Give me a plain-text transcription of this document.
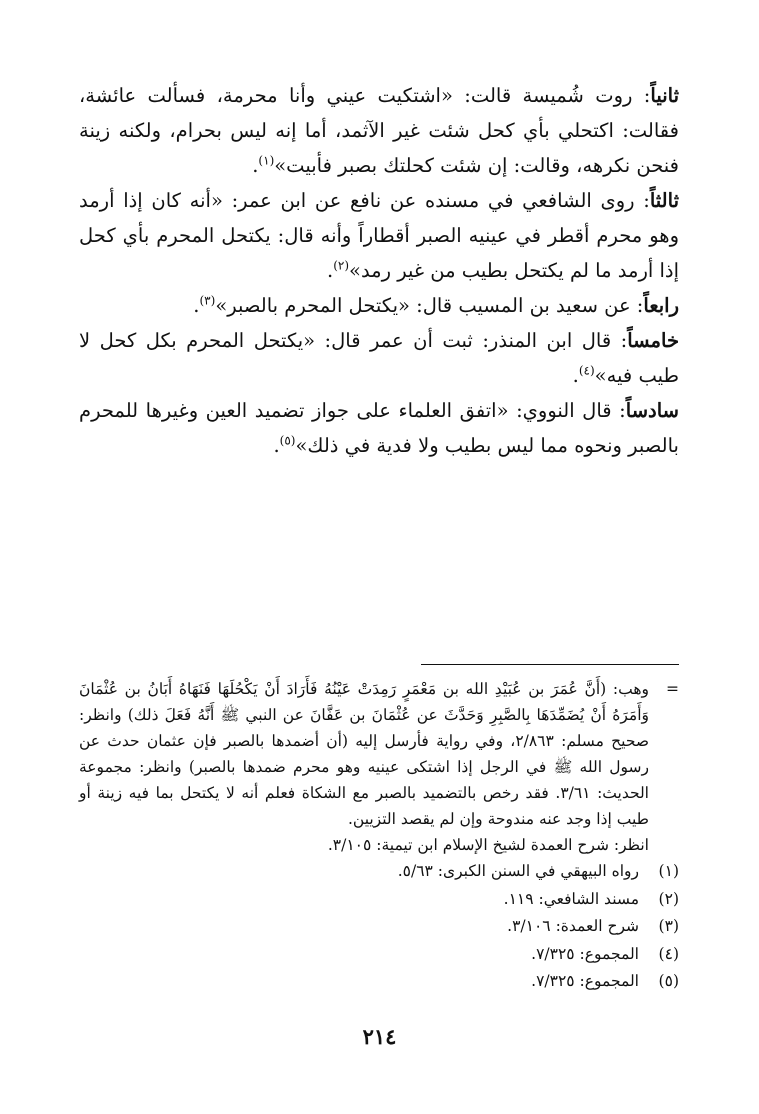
ثانياً: روت شُميسة قالت: «اشتكيت عيني وأنا محرمة، فسألت عائشة، فقالت: اكتحلي بأي كحل شئت غير الآثمد، أما إنه ليس بحرام، ولكنه زينة فنحن نكرهه، وقالت: إن شئت كحلتك بصبر فأبيت»$^{(١)}$.

ثالثاً: روى الشافعي في مسنده عن نافع عن ابن عمر: «أنه كان إذا أرمد وهو محرم أقطر في عينيه الصبر أقطاراً وأنه قال: يكتحل المحرم بأي كحل إذا أرمد ما لم يكتحل بطيب من غير رمد»$^{(٢)}$.

رابعاً: عن سعيد بن المسيب قال: «يكتحل المحرم بالصبر»$^{(٣)}$.

خامساً: قال ابن المنذر: ثبت أن عمر قال: «يكتحل المحرم بكل كحل لا طيب فيه»$^{(٤)}$.

سادساً: قال النووي: «اتفق العلماء على جواز تضميد العين وغيرها للمحرم بالصبر ونحوه مما ليس بطيب ولا فدية في ذلك»$^{(٥)}$.

=

وهب: (أَنَّ عُمَرَ بن عُبَيْدِ الله بن مَعْمَرٍ رَمِدَتْ عَيْنُهُ فَأَرَادَ أَنْ يَكْحُلَهَا فَنَهَاهُ أَبَانُ بن عُثْمَانَ وَأَمَرَهُ أَنْ يُضَمِّدَهَا بِالصَّبِرِ وَحَدَّثَ عن عُثْمَانَ بن عَفَّانَ عن النبي ﷺ أَنَّهُ فَعَلَ ذلك) وانظر: صحيح مسلم: ٢/٨٦٣، وفي رواية فأرسل إليه (أن أضمدها بالصبر فإن عثمان حدث عن رسول الله ﷺ في الرجل إذا اشتكى عينيه وهو محرم ضمدها بالصبر) وانظر: مجموعة الحديث: ٣/٦١. فقد رخص بالتضميد بالصبر مع الشكاة فعلم أنه لا يكتحل بما فيه زينة أو طيب إذا وجد عنه مندوحة وإن لم يقصد التزيين.

انظر: شرح العمدة لشيخ الإسلام ابن تيمية: ٣/١٠٥.

(١)
رواه البيهقي في السنن الكبرى: ٥/٦٣.
(٢)
مسند الشافعي: ١١٩.
(٣)
شرح العمدة: ٣/١٠٦.
(٤)
المجموع: ٧/٣٢٥.
(٥)
المجموع: ٧/٣٢٥.
٢١٤
